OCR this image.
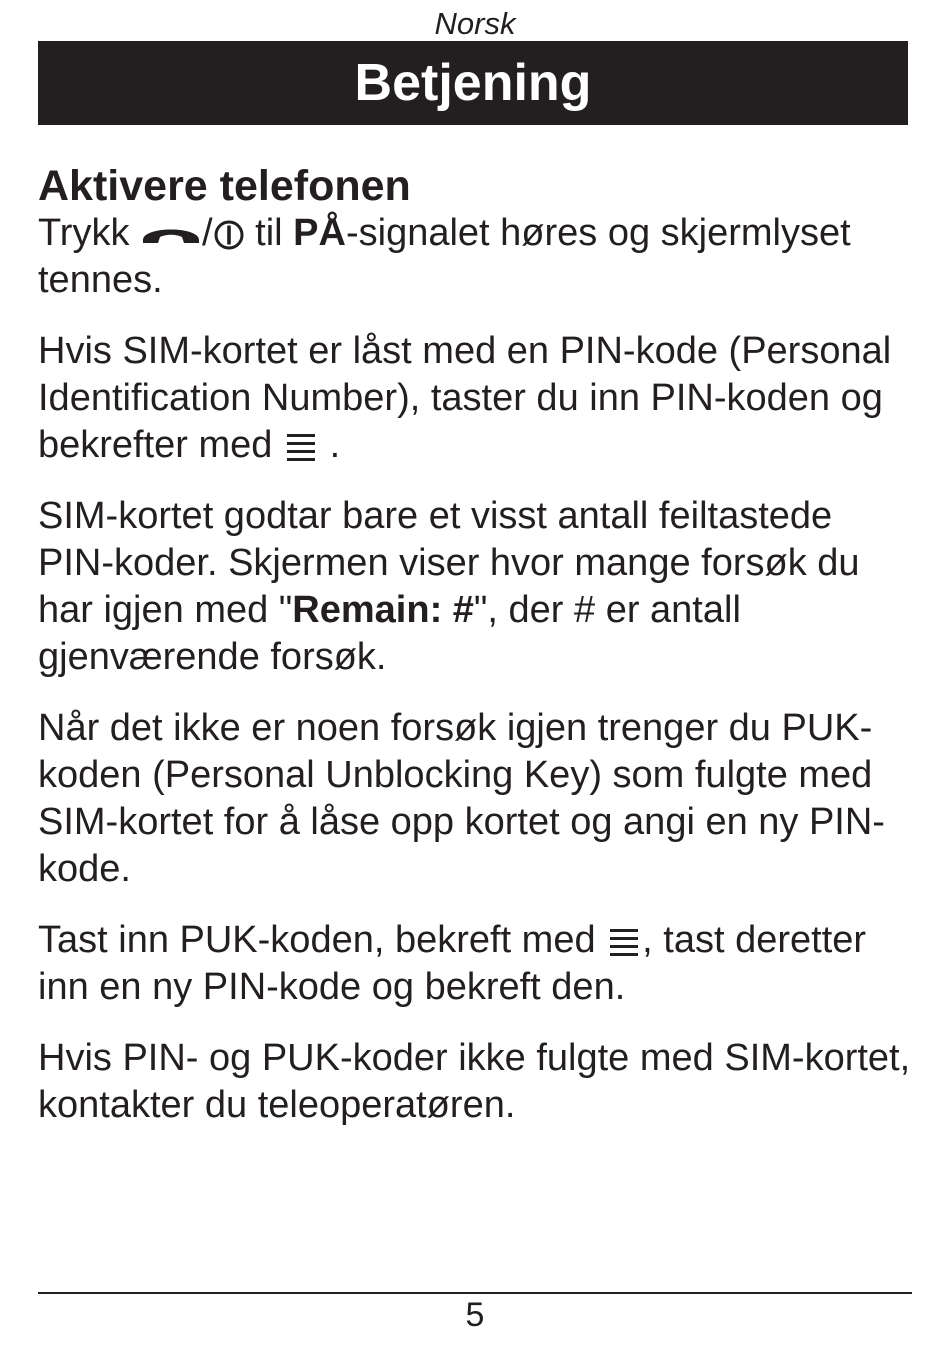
Norsk
Betjening
Aktivere telefonen

Trykk / til PÅ-signalet høres og skjermlyset tennes.

Hvis SIM-kortet er låst med en PIN-kode (Personal Identification Number), taster du inn PIN-koden og bekrefter med .

SIM-kortet godtar bare et visst antall feiltastede PIN-koder. Skjermen viser hvor mange forsøk du har igjen med "Remain: #", der # er antall gjenværende forsøk.

Når det ikke er noen forsøk igjen trenger du PUK-koden (Personal Unblocking Key) som fulgte med SIM-kortet for å låse opp kortet og angi en ny PIN-kode.

Tast inn PUK-koden, bekreft med , tast deretter inn en ny PIN-kode og bekreft den.

Hvis PIN- og PUK-koder ikke fulgte med SIM-kortet, kontakter du teleoperatøren.

5
